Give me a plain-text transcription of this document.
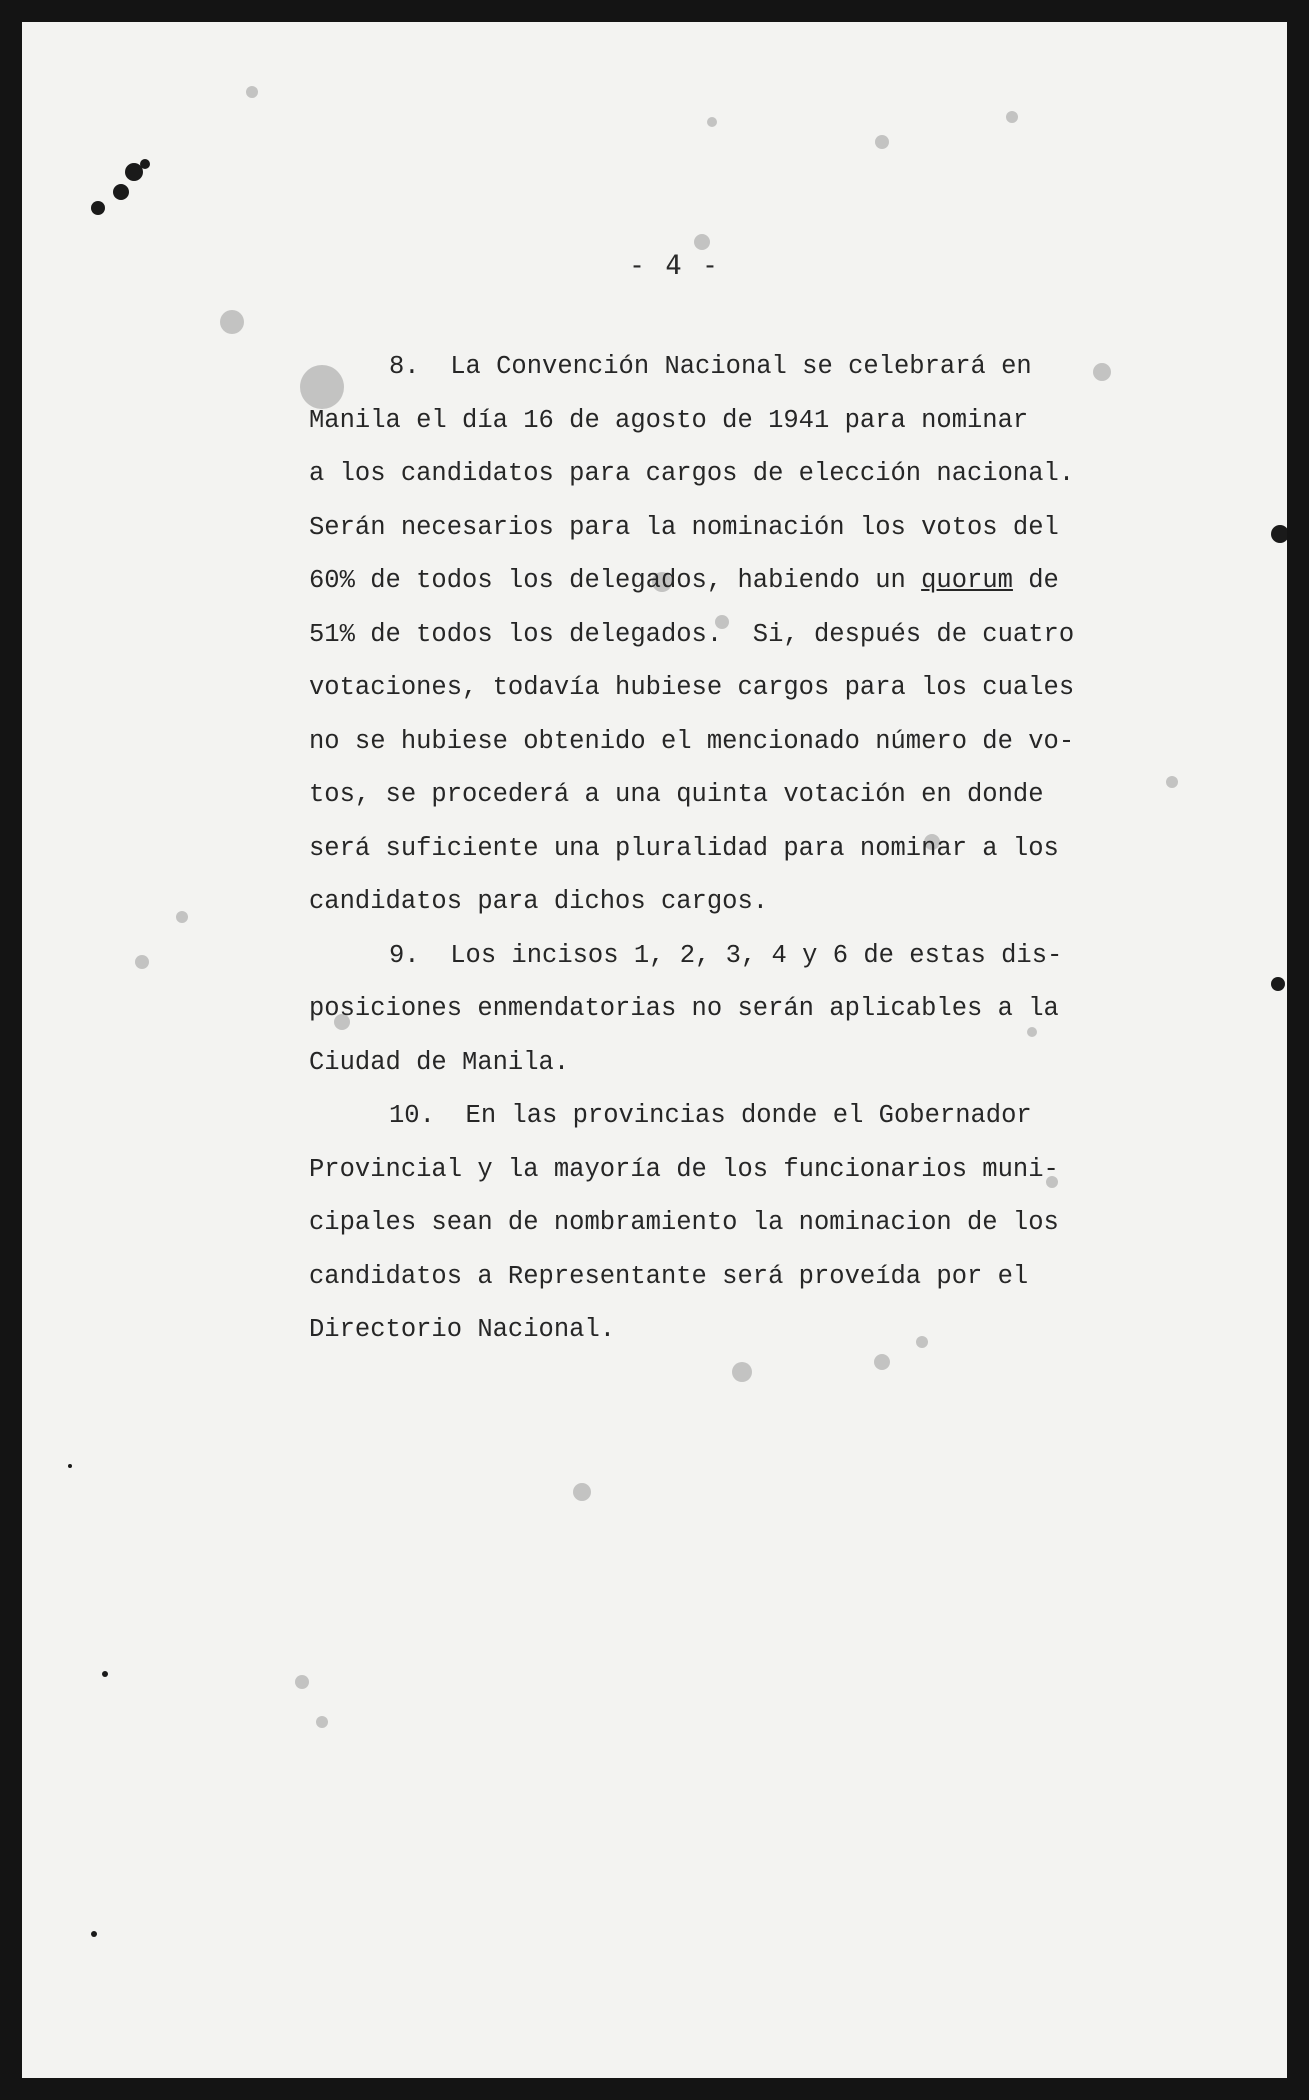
- 4 -
8.  La Convención Nacional se celebrará en
Manila el día 16 de agosto de 1941 para nominar
a los candidatos para cargos de elección nacional.
Serán necesarios para la nominación los votos del
60% de todos los delegados, habiendo un quorum de
51% de todos los delegados.  Si, después de cuatro
votaciones, todavía hubiese cargos para los cuales
no se hubiese obtenido el mencionado número de vo-
tos, se procederá a una quinta votación en donde
será suficiente una pluralidad para nominar a los
candidatos para dichos cargos.
9.  Los incisos 1, 2, 3, 4 y 6 de estas dis-
posiciones enmendatorias no serán aplicables a la
Ciudad de Manila.
10.  En las provincias donde el Gobernador
Provincial y la mayoría de los funcionarios muni-
cipales sean de nombramiento la nominacion de los
candidatos a Representante será proveída por el
Directorio Nacional.
